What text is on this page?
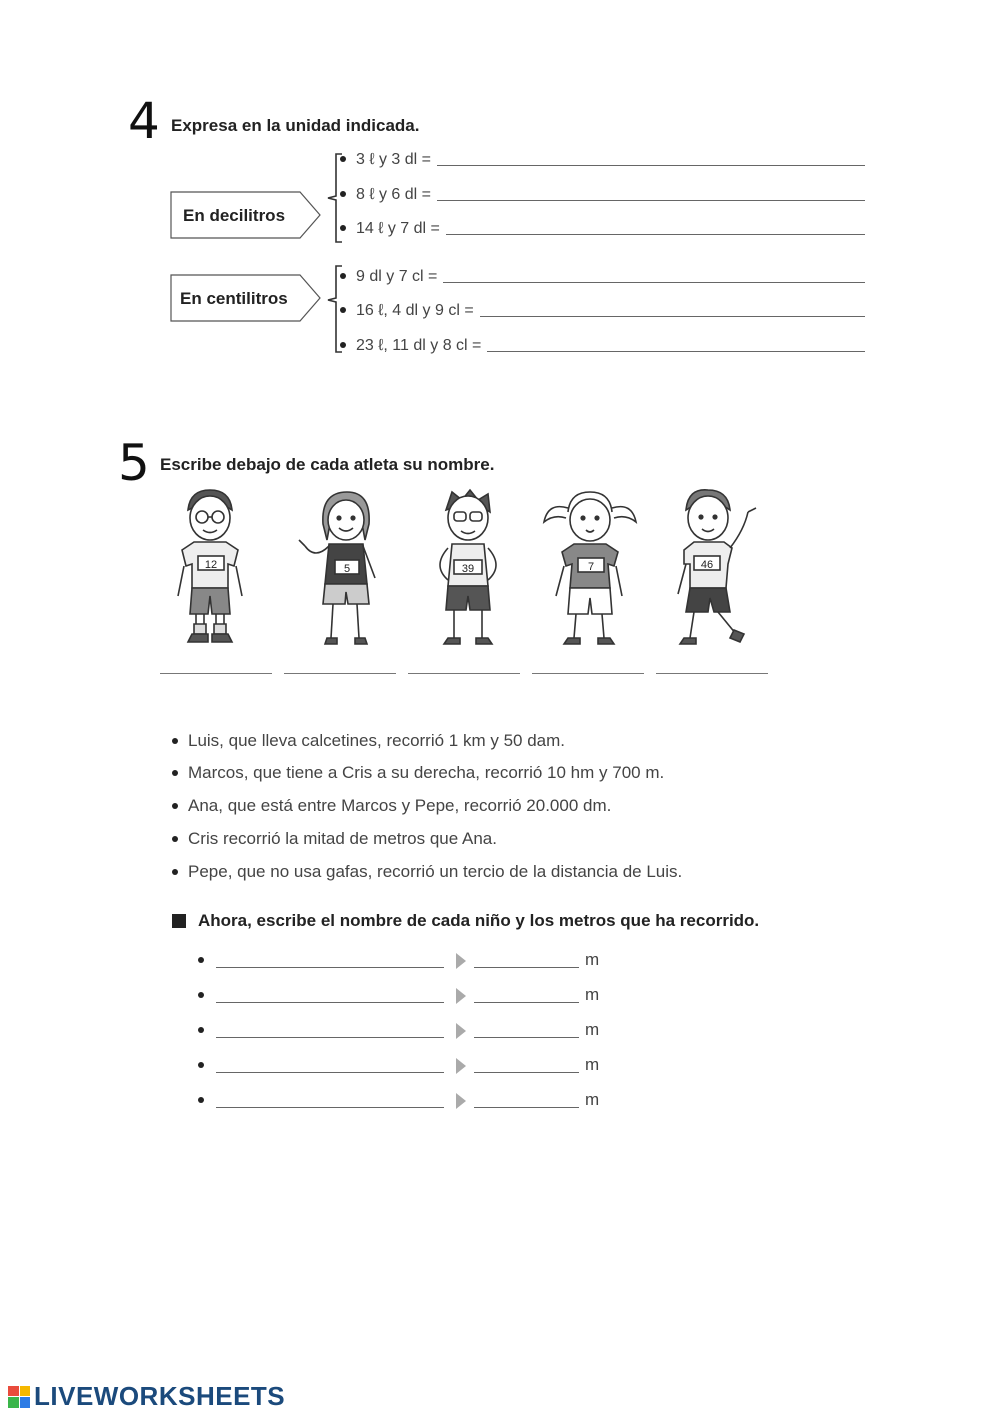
4 Expresa en la unidad indicada.
En decilitros
3 ℓ y 3 dl =
8 ℓ y 6 dl =
14 ℓ y 7 dl =
En centilitros
9 dl y 7 cl =
16 ℓ, 4 dl y 9 cl =
23 ℓ, 11 dl y 8 cl =
5 Escribe debajo de cada atleta su nombre.
12	5	39	7	46
Luis, que lleva calcetines, recorrió 1 km y 50 dam.
Marcos, que tiene a Cris a su derecha, recorrió 10 hm y 700 m.
Ana, que está entre Marcos y Pepe, recorrió 20.000 dm.
Cris recorrió la mitad de metros que Ana.
Pepe, que no usa gafas, recorrió un tercio de la distancia de Luis.
Ahora, escribe el nombre de cada niño y los metros que ha recorrido.
m
m
m
m
m
LIVEWORKSHEETS
